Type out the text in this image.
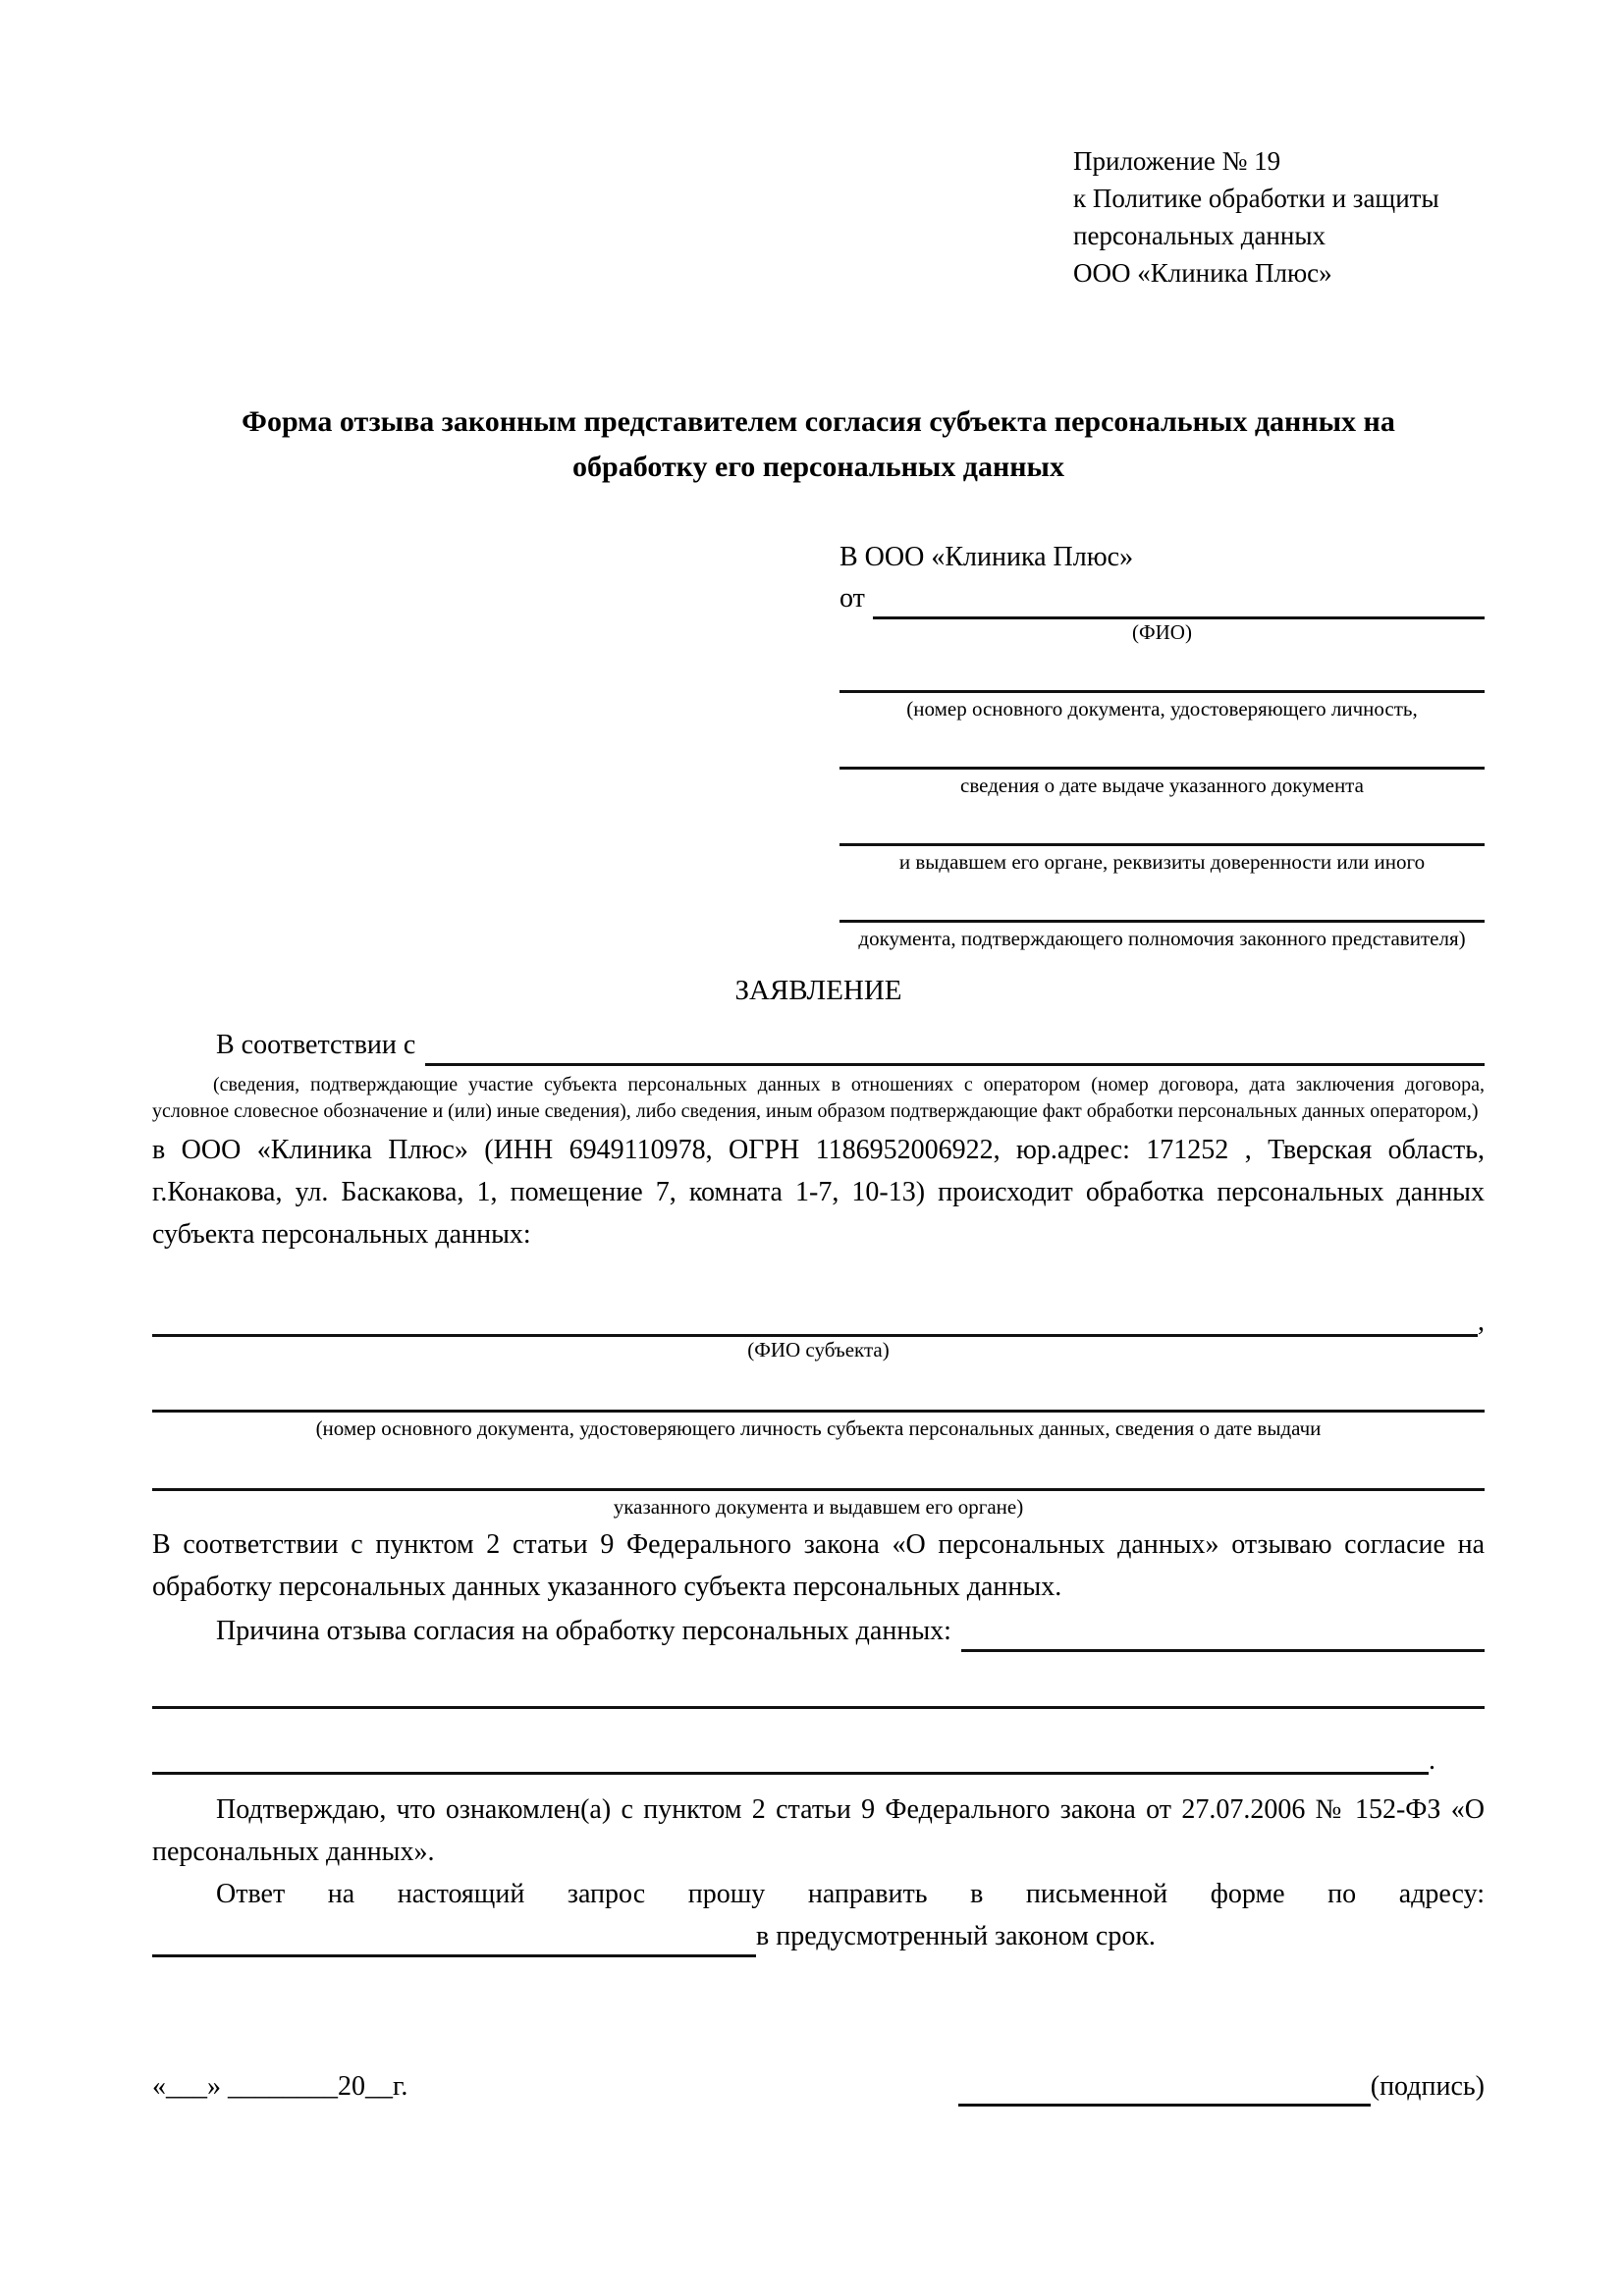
Приложение № 19
к Политике обработки и защиты
персональных данных
ООО «Клиника Плюс»
Форма отзыва законным представителем согласия субъекта персональных данных на обработку его персональных данных
В ООО «Клиника Плюс»
от
(ФИО)
(номер основного документа, удостоверяющего личность,
сведения о дате выдаче указанного документа
и выдавшем его органе, реквизиты доверенности или иного
документа, подтверждающего полномочия законного представителя)
ЗАЯВЛЕНИЕ
В соответствии с
(сведения, подтверждающие участие субъекта персональных данных в отношениях с оператором (номер договора, дата заключения договора, условное словесное обозначение и (или) иные сведения), либо сведения, иным образом подтверждающие факт обработки персональных данных оператором,)
в ООО «Клиника Плюс» (ИНН 6949110978, ОГРН 1186952006922, юр.адрес: 171252 , Тверская область, г.Конакова, ул. Баскакова, 1, помещение 7, комната 1-7, 10-13) происходит обработка персональных данных субъекта персональных данных:
,
(ФИО субъекта)
(номер основного документа, удостоверяющего личность субъекта персональных данных, сведения о дате выдачи
указанного документа и выдавшем его органе)
В соответствии с пунктом 2 статьи 9 Федерального закона «О персональных данных» отзываю согласие на обработку персональных данных указанного субъекта персональных данных.
Причина отзыва согласия на обработку персональных данных:
.
Подтверждаю, что ознакомлен(а) с пунктом 2 статьи 9 Федерального закона от 27.07.2006 № 152-ФЗ «О персональных данных».
Ответ на настоящий запрос прошу направить в письменной форме по адресу:
в предусмотренный законом срок.
«___» ________20__г.	(подпись)
